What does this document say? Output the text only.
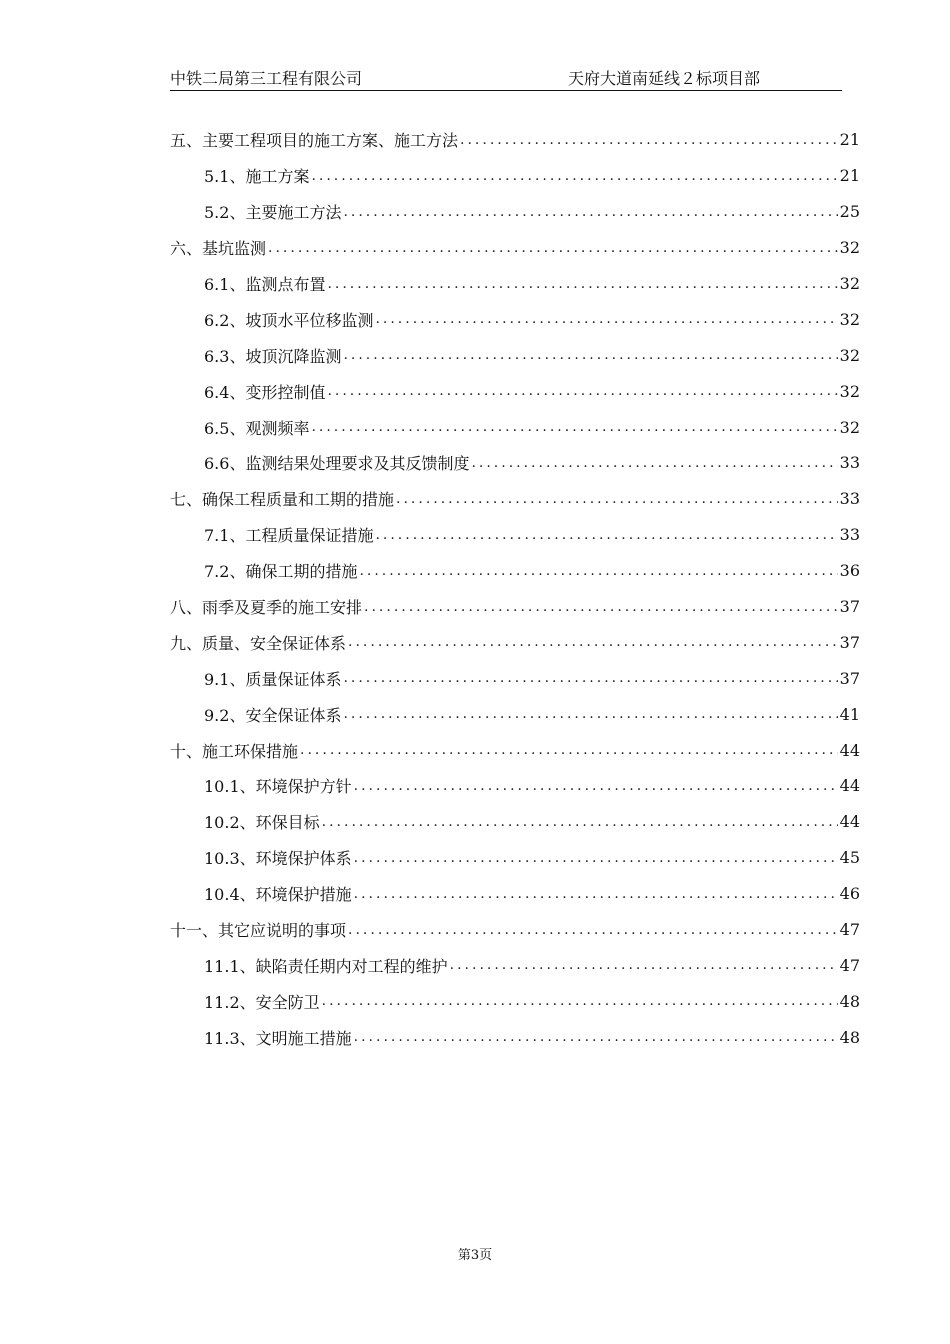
中铁二局第三工程有限公司	天府大道南延线２标项目部
五、主要工程项目的施工方案、施工方法 .....	21
5.1、施工方案 .....	21
5.2、主要施工方法 .....	25
六、基坑监测 .....	32
6.1、监测点布置 .....	32
6.2、坡顶水平位移监测 .....	32
6.3、坡顶沉降监测 .....	32
6.4、变形控制值 .....	32
6.5、观测频率 .....	32
6.6、监测结果处理要求及其反馈制度 .....	33
七、确保工程质量和工期的措施 .....	33
7.1、工程质量保证措施 .....	33
7.2、确保工期的措施 .....	36
八、雨季及夏季的施工安排 .....	37
九、质量、安全保证体系 .....	37
9.1、质量保证体系 .....	37
9.2、安全保证体系 .....	41
十、施工环保措施 .....	44
10.1、环境保护方针 .....	44
10.2、环保目标 .....	44
10.3、环境保护体系 .....	45
10.4、环境保护措施 .....	46
十一、其它应说明的事项 .....	47
11.1、缺陷责任期内对工程的维护 .....	47
11.2、安全防卫 .....	48
11.3、文明施工措施 .....	48
第3页
